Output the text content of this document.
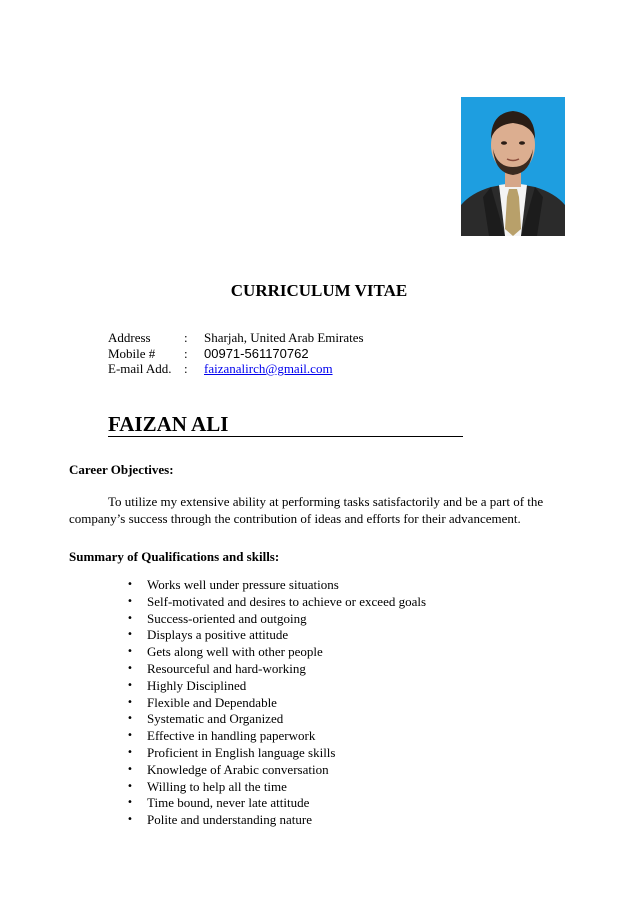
CURRICULUM VITAE
Address	:	Sharjah, United Arab Emirates
Mobile #	:	00971-561170762
E-mail Add. :	faizanalirch@gmail.com
FAIZAN ALI
Career Objectives:

To utilize my extensive ability at performing tasks satisfactorily and be a part of the company’s success through the contribution of ideas and efforts for their advancement.

Summary of Qualifications and skills:
•	Works well under pressure situations
•	Self-motivated and desires to achieve or exceed goals
•	Success-oriented and outgoing
•	Displays a positive attitude
•	Gets along well with other people
•	Resourceful and hard-working
•	Highly Disciplined
•	Flexible and Dependable
•	Systematic and Organized
•	Effective in handling paperwork
•	Proficient in English language skills
•	Knowledge of Arabic conversation
•	Willing to help all the time
•	Time bound, never late attitude
•	Polite and understanding nature
